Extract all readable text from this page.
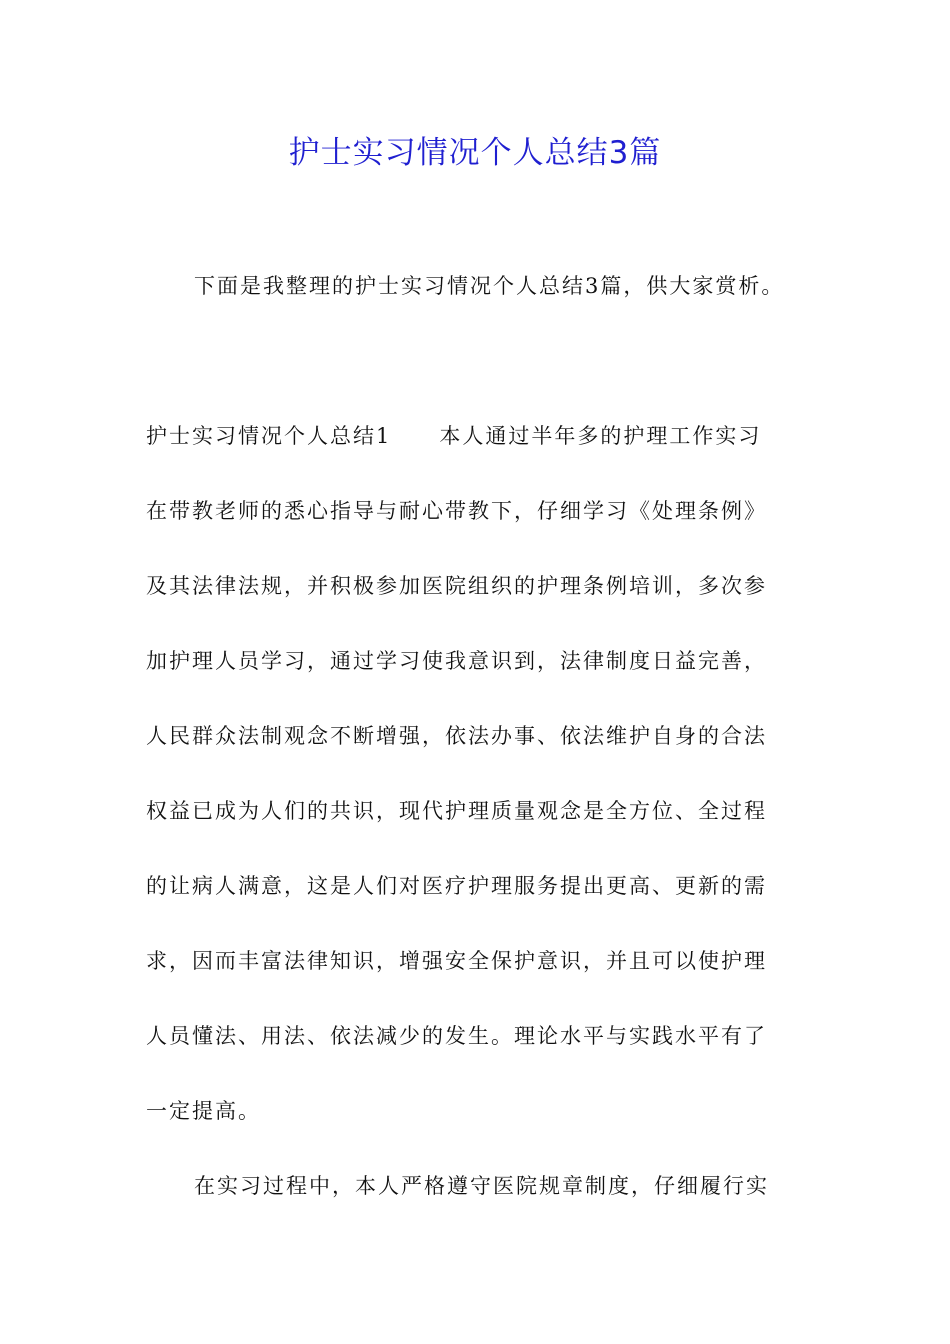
护士实习情况个人总结3篇
下面是我整理的护士实习情况个人总结3篇，供大家赏析。
护士实习情况个人总结1 本人通过半年多的护理工作实习
在带教老师的悉心指导与耐心带教下，仔细学习《处理条例》
及其法律法规，并积极参加医院组织的护理条例培训，多次参
加护理人员学习，通过学习使我意识到，法律制度日益完善，
人民群众法制观念不断增强，依法办事、依法维护自身的合法
权益已成为人们的共识，现代护理质量观念是全方位、全过程
的让病人满意，这是人们对医疗护理服务提出更高、更新的需
求，因而丰富法律知识，增强安全保护意识，并且可以使护理
人员懂法、用法、依法减少的发生。理论水平与实践水平有了
一定提高。
在实习过程中，本人严格遵守医院规章制度，仔细履行实
